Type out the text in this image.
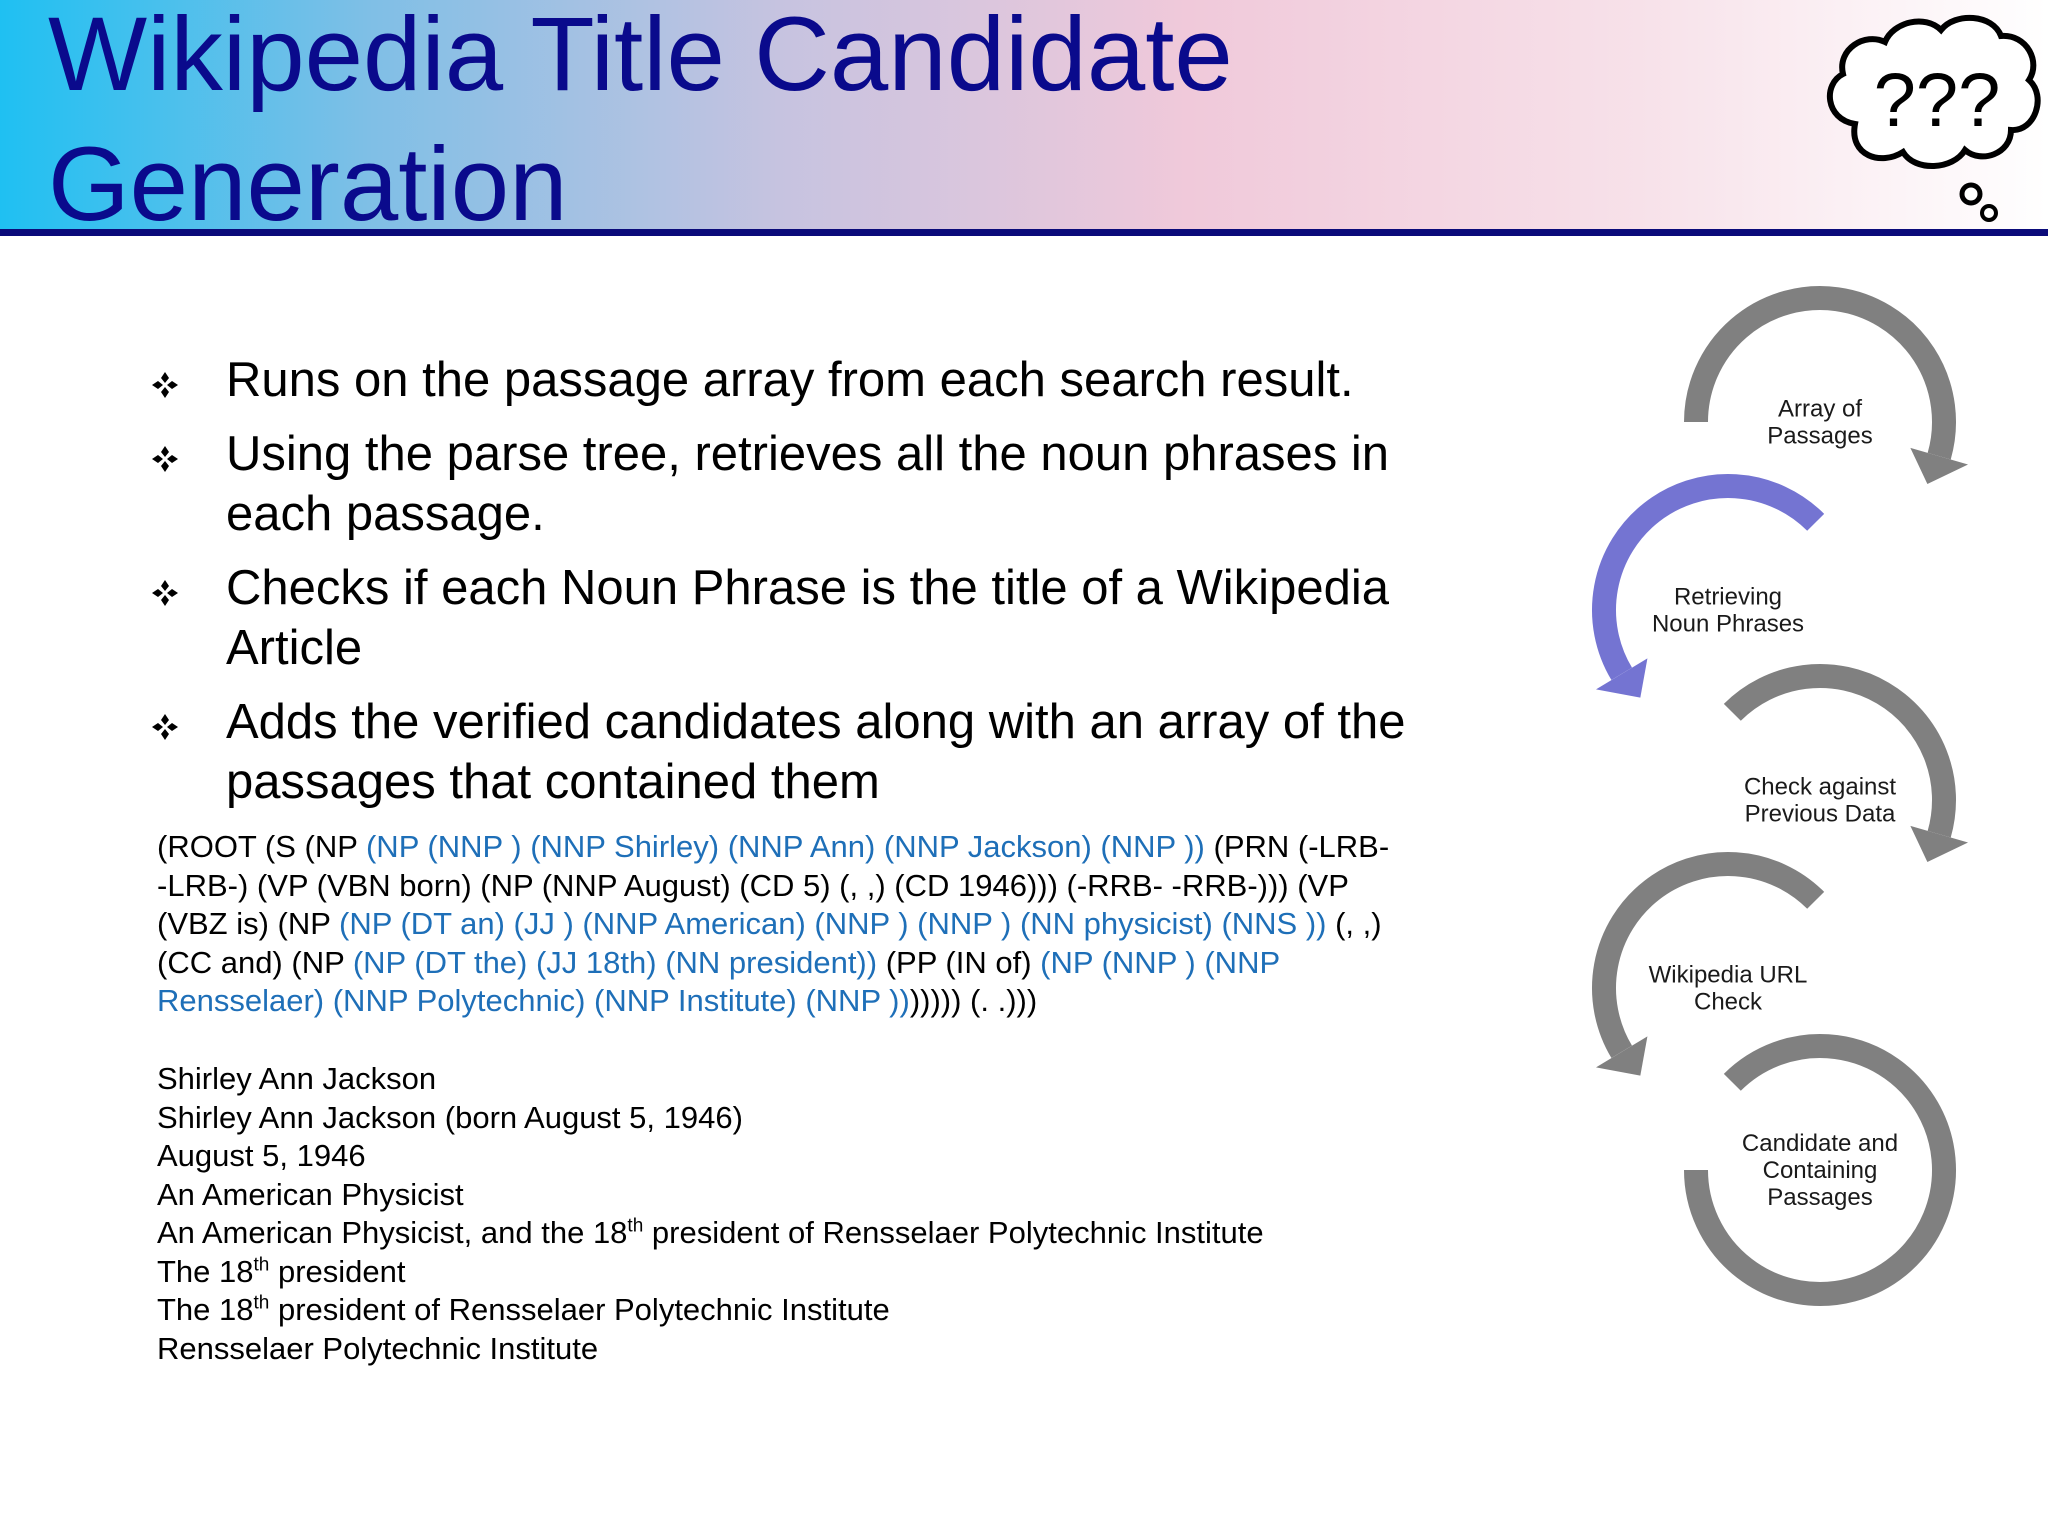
Wikipedia Title Candidate Generation
???
Runs on the passage array from each search result.
Using the parse tree, retrieves all the noun phrases in each passage.
Checks if each Noun Phrase is the title of a Wikipedia Article
Adds the verified candidates along with an array of the passages that contained them

(ROOT (S (NP (NP (NNP ) (NNP Shirley) (NNP Ann) (NNP Jackson) (NNP )) (PRN (-LRB- -LRB-) (VP (VBN born) (NP (NNP August) (CD 5) (, ,) (CD 1946))) (-RRB- -RRB-))) (VP (VBZ is) (NP (NP (DT an) (JJ ) (NNP American) (NNP ) (NNP ) (NN physicist) (NNS )) (, ,) (CC and) (NP (NP (DT the) (JJ 18th) (NN president)) (PP (IN of) (NP (NNP ) (NNP Rensselaer) (NNP Polytechnic) (NNP Institute) (NNP ))))))) (. .)))

Shirley Ann Jackson
Shirley Ann Jackson (born August 5, 1946)
August 5, 1946
An American Physicist
An American Physicist, and the 18th president of Rensselaer Polytechnic Institute
The 18th president
The 18th president of Rensselaer Polytechnic Institute
Rensselaer Polytechnic Institute
Array of
Passages
Retrieving
Noun Phrases
Check against
Previous Data
Wikipedia URL
Check
Candidate and
Containing
Passages
